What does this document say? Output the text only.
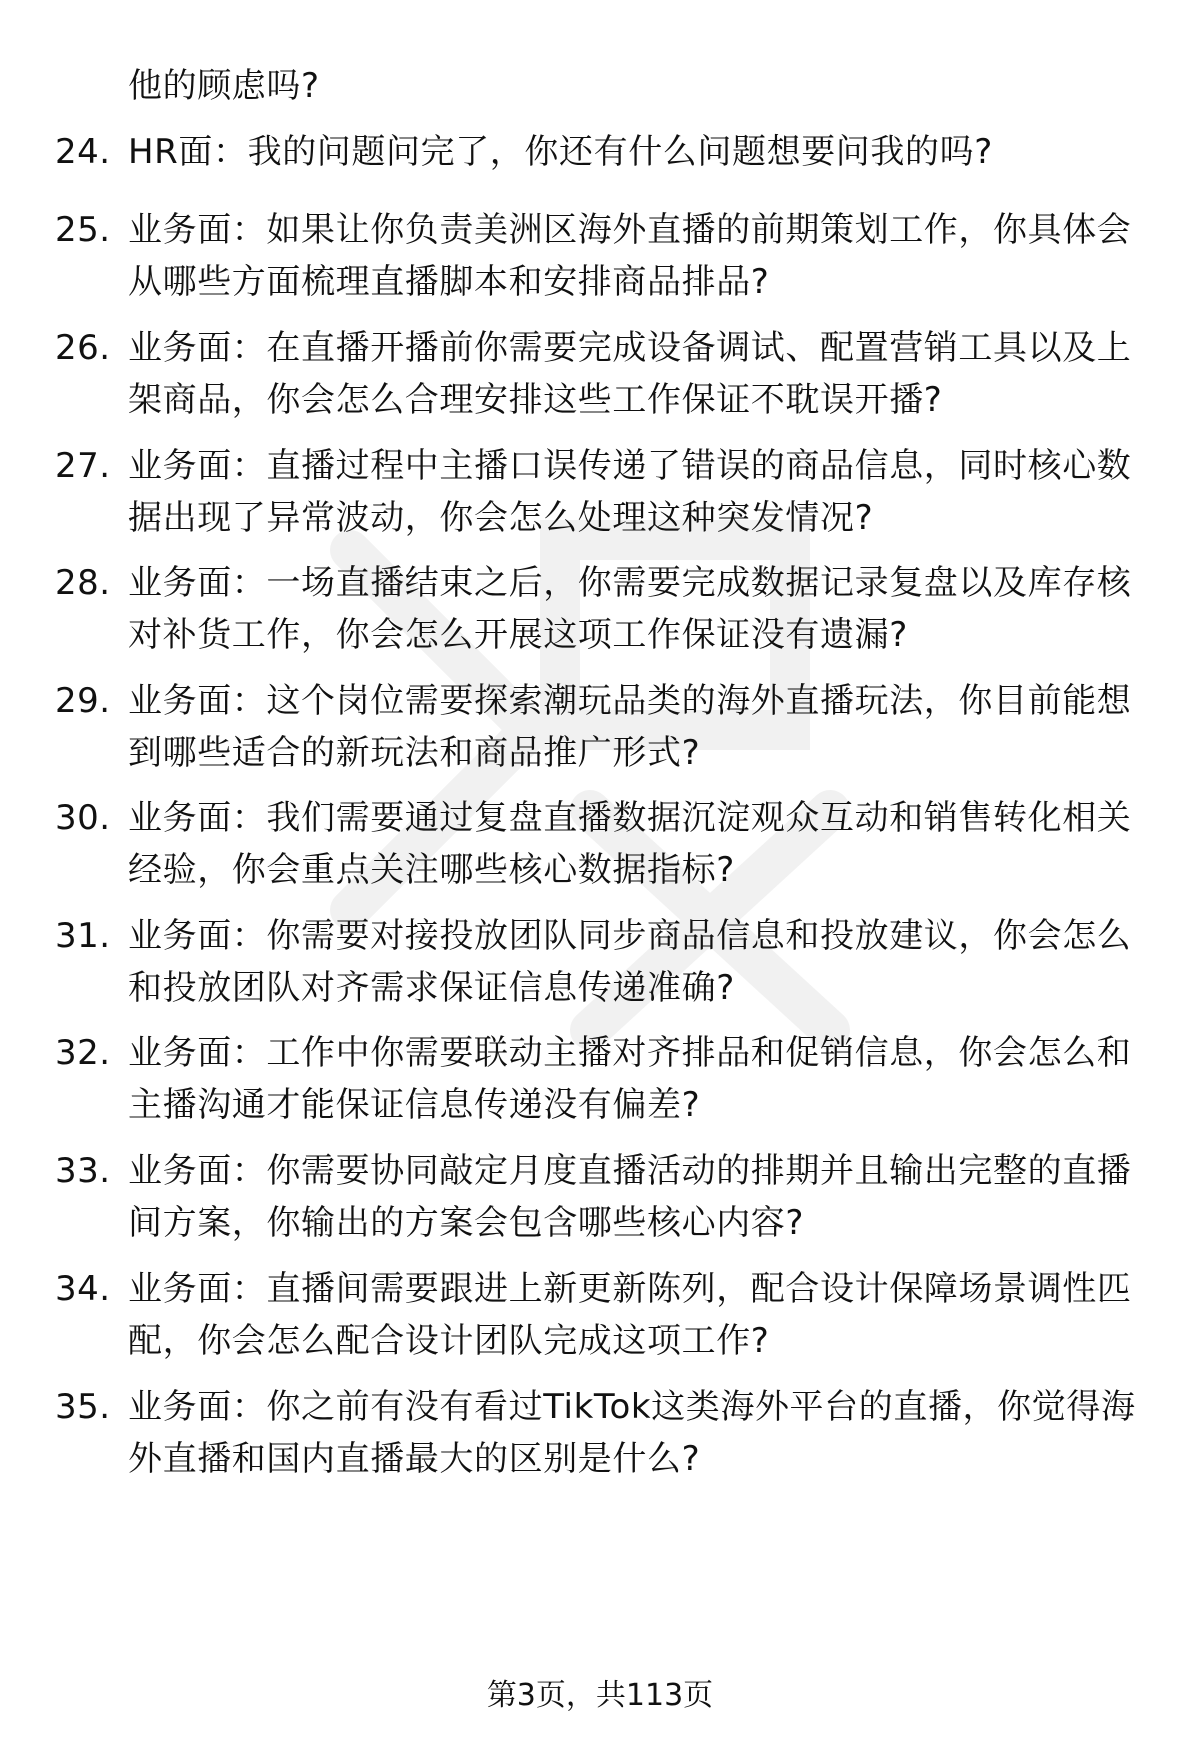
他的顾虑吗?
24. HR面：我的问题问完了，你还有什么问题想要问我的吗?
25. 业务面：如果让你负责美洲区海外直播的前期策划工作，你具体会从哪些方面梳理直播脚本和安排商品排品?
26. 业务面：在直播开播前你需要完成设备调试、配置营销工具以及上架商品，你会怎么合理安排这些工作保证不耽误开播?
27. 业务面：直播过程中主播口误传递了错误的商品信息，同时核心数据出现了异常波动，你会怎么处理这种突发情况?
28. 业务面：一场直播结束之后，你需要完成数据记录复盘以及库存核对补货工作，你会怎么开展这项工作保证没有遗漏?
29. 业务面：这个岗位需要探索潮玩品类的海外直播玩法，你目前能想到哪些适合的新玩法和商品推广形式?
30. 业务面：我们需要通过复盘直播数据沉淀观众互动和销售转化相关经验，你会重点关注哪些核心数据指标?
31. 业务面：你需要对接投放团队同步商品信息和投放建议，你会怎么和投放团队对齐需求保证信息传递准确?
32. 业务面：工作中你需要联动主播对齐排品和促销信息，你会怎么和主播沟通才能保证信息传递没有偏差?
33. 业务面：你需要协同敲定月度直播活动的排期并且输出完整的直播间方案，你输出的方案会包含哪些核心内容?
34. 业务面：直播间需要跟进上新更新陈列，配合设计保障场景调性匹配，你会怎么配合设计团队完成这项工作?
35. 业务面：你之前有没有看过TikTok这类海外平台的直播，你觉得海外直播和国内直播最大的区别是什么?
第3页，共113页
